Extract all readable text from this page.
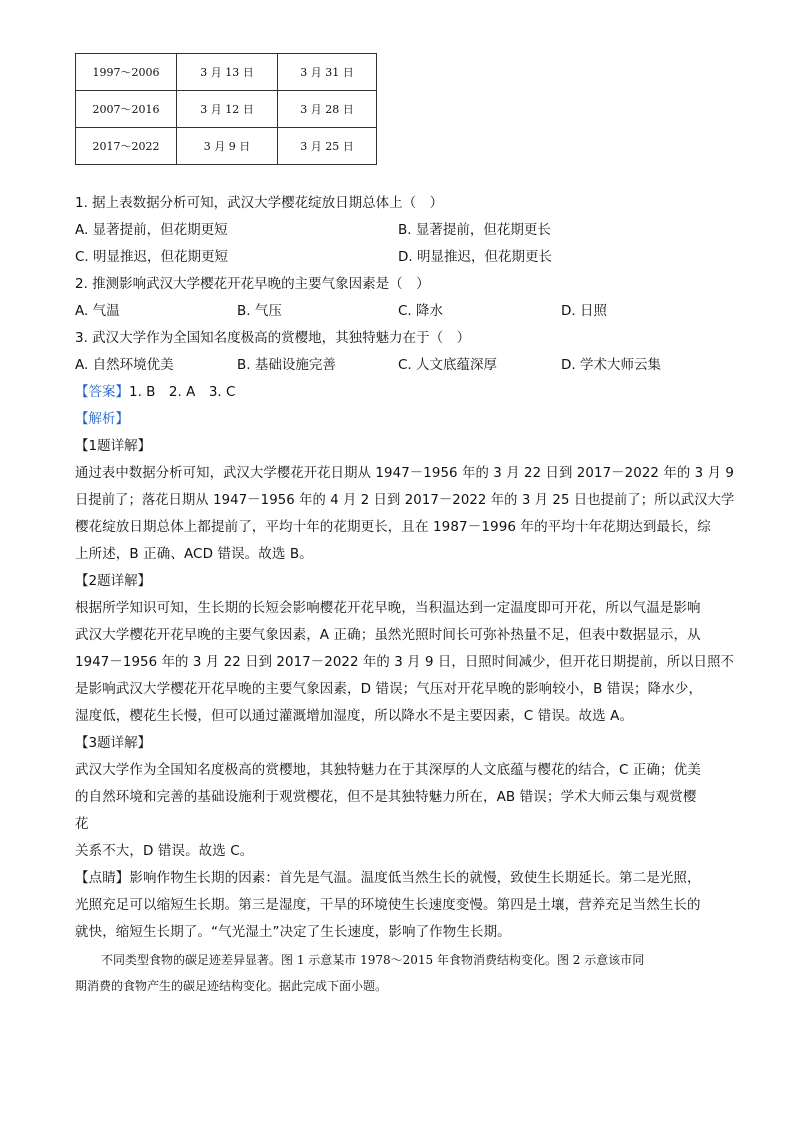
1997～2006	3 月 13 日	3 月 31 日
2007～2016	3 月 12 日	3 月 28 日
2017～2022	3 月 9 日	3 月 25 日
1. 据上表数据分析可知，武汉大学樱花绽放日期总体上（　）
A. 显著提前，但花期更短	B. 显著提前，但花期更长
C. 明显推迟，但花期更短	D. 明显推迟，但花期更长
2. 推测影响武汉大学樱花开花早晚的主要气象因素是（　）
A. 气温	B. 气压	C. 降水	D. 日照
3. 武汉大学作为全国知名度极高的赏樱地，其独特魅力在于（　）
A. 自然环境优美	B. 基础设施完善	C. 人文底蕴深厚	D. 学术大师云集
【答案】1. B　2. A　3. C
【解析】
【1题详解】
通过表中数据分析可知，武汉大学樱花开花日期从 1947－1956 年的 3 月 22 日到 2017－2022 年的 3 月 9
日提前了；落花日期从 1947－1956 年的 4 月 2 日到 2017－2022 年的 3 月 25 日也提前了；所以武汉大学
樱花绽放日期总体上都提前了，平均十年的花期更长，且在 1987－1996 年的平均十年花期达到最长，综
上所述，B 正确、ACD 错误。故选 B。
【2题详解】
根据所学知识可知，生长期的长短会影响樱花开花早晚，当积温达到一定温度即可开花，所以气温是影响
武汉大学樱花开花早晚的主要气象因素，A 正确；虽然光照时间长可弥补热量不足，但表中数据显示，从
1947－1956 年的 3 月 22 日到 2017－2022 年的 3 月 9 日，日照时间减少，但开花日期提前，所以日照不
是影响武汉大学樱花开花早晚的主要气象因素，D 错误；气压对开花早晚的影响较小，B 错误；降水少，
湿度低，樱花生长慢，但可以通过灌溉增加湿度，所以降水不是主要因素，C 错误。故选 A。
【3题详解】
武汉大学作为全国知名度极高的赏樱地，其独特魅力在于其深厚的人文底蕴与樱花的结合，C 正确；优美
的自然环境和完善的基础设施利于观赏樱花，但不是其独特魅力所在，AB 错误；学术大师云集与观赏樱
花
关系不大，D 错误。故选 C。
【点睛】影响作物生长期的因素：首先是气温。温度低当然生长的就慢，致使生长期延长。第二是光照，
光照充足可以缩短生长期。第三是湿度，干旱的环境使生长速度变慢。第四是土壤，营养充足当然生长的
就快，缩短生长期了。“气光湿土”决定了生长速度，影响了作物生长期。
不同类型食物的碳足迹差异显著。图 1 示意某市 1978～2015 年食物消费结构变化。图 2 示意该市同
期消费的食物产生的碳足迹结构变化。据此完成下面小题。
